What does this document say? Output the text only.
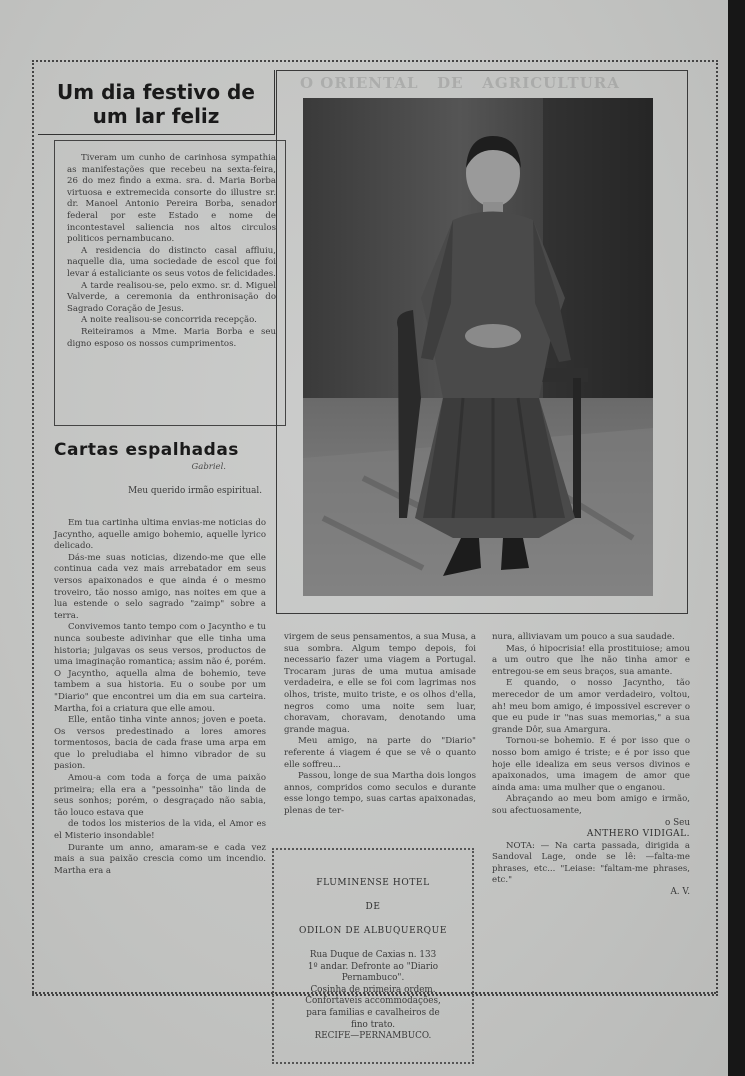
O ORIENTAL   DE   AGRICULTURA

Um dia festivo de
um lar feliz

Tiveram um cunho de carinhosa sympathia as manifestações que recebeu na sexta-feira, 26 do mez findo a exma. sra. d. Maria Borba virtuosa e extremecida consorte do illustre sr. dr. Manoel Antonio Pereira Borba, senador federal por este Estado e nome de incontestavel saliencia nos altos circulos politicos pernambucano.

A residencia do distincto casal affluiu, naquelle dia, uma sociedade de escol que foi levar á estaliciante os seus votos de felicidades.

A tarde realisou-se, pelo exmo. sr. d. Miguel Valverde, a ceremonia da enthronisação do Sagrado Coração de Jesus.

A noite realisou-se concorrida recepção.

Reiteiramos a Mme. Maria Borba e seu digno esposo os nossos cumprimentos.

Cartas espalhadas

Gabriel.

Meu querido irmão espiritual.

Em tua cartinha ultima envias-me noticias do Jacyntho, aquelle amigo bohemio, aquelle lyrico delicado.

Dás-me suas noticias, dizendo-me que elle continua cada vez mais arrebatador em seus versos apaixonados e que ainda é o mesmo troveiro, tão nosso amigo, nas noites em que a lua estende o selo sagrado "zaimp" sobre a terra.

Convivemos tanto tempo com o Jacyntho e tu nunca soubeste adivinhar que elle tinha uma historia; julgavas os seus versos, productos de uma imaginação romantica; assim não é, porém. O Jacyntho, aquella alma de bohemio, teve tambem a sua historia. Eu o soube por um "Diario" que encontrei um dia em sua carteira. Martha, foi a criatura que elle amou.

Elle, então tinha vinte annos; joven e poeta. Os versos predestinado a lores amores tormentosos, bacia de cada frase uma arpa em que lo preludiaba el himno vibrador de su pasion.

Amou-a com toda a força de uma paixão primeira; ella era a "pessoinha" tão linda de seus sonhos; porém, o desgraçado não sabia, tão louco estava que

de todos los misterios de la vida, el Amor es el Misterio insondable!

Durante um anno, amaram-se e cada vez mais a sua paixão crescia como um incendio. Martha era a

virgem de seus pensamentos, a sua Musa, a sua sombra. Algum tempo depois, foi necessario fazer uma viagem a Portugal. Trocaram juras de uma mutua amisade verdadeira, e elle se foi com lagrimas nos olhos, triste, muito triste, e os olhos d'ella, negros como uma noite sem luar, choravam, choravam, denotando uma grande magua.

Meu amigo, na parte do "Diario" referente á viagem é que se vê o quanto elle soffreu...

Passou, longe de sua Martha dois longos annos, compridos como seculos e durante esse longo tempo, suas cartas apaixonadas, plenas de ter-

nura, alliviavam um pouco a sua saudade.

Mas, ó hipocrisia! ella prostituiose; amou a um outro que lhe não tinha amor e entregou-se em seus braços, sua amante.

E quando, o nosso Jacyntho, tão merecedor de um amor verdadeiro, voltou, ah! meu bom amigo, é impossivel escrever o que eu pude ir "nas suas memorias," a sua grande Dôr, sua Amargura.

Tornou-se bohemio. E é por isso que o nosso bom amigo é triste; e é por isso que hoje elle idealiza em seus versos divinos e apaixonados, uma imagem de amor que ainda ama: uma mulher que o enganou.

Abraçando ao meu bom amigo e irmão, sou afectuosamente,

o Seu

ANTHERO VIDIGAL.

NOTA: — Na carta passada, dirigida a Sandoval Lage, onde se lê: —falta-me phrases, etc... "Leiase: "faltam-me phrases, etc."

A. V.

FLUMINENSE HOTEL

DE

ODILON DE ALBUQUERQUE

Rua Duque de Caxias n. 133

1º andar. Defronte ao "Diario

Pernambuco".

Cosinha de primeira ordem.

Confortaveis accommodações,

para familias e cavalheiros de

fino trato.

RECIFE—PERNAMBUCO.
